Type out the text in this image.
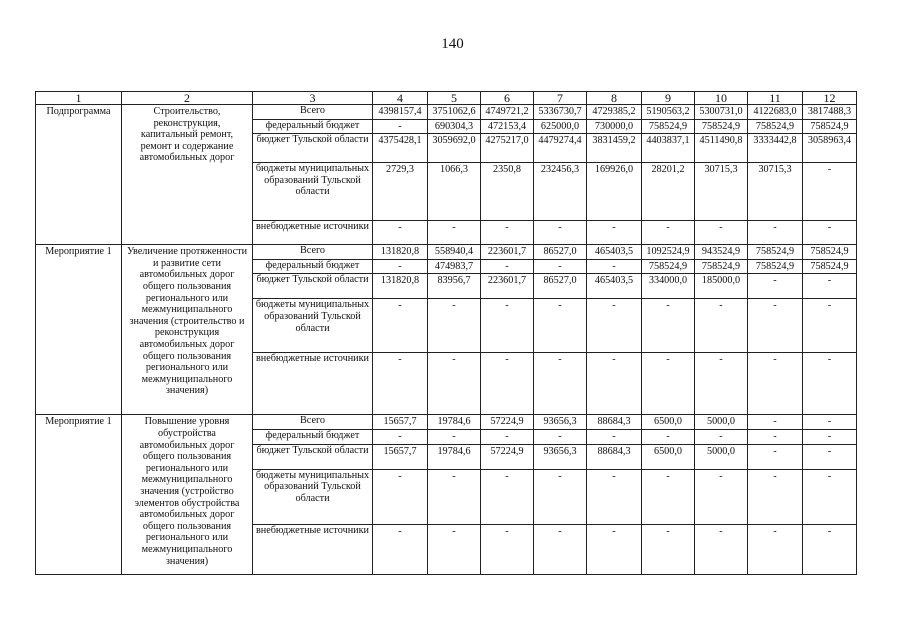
140
1	2	3	4	5	6	7	8	9	10	11	12
Подпрограмма	Строительство, реконструкция, капитальный ремонт, ремонт и содержание автомобильных дорог	Всего	4398157,4	3751062,6	4749721,2	5336730,7	4729385,2	5190563,2	5300731,0	4122683,0	3817488,3
		федеральный бюджет	-	690304,3	472153,4	625000,0	730000,0	758524,9	758524,9	758524,9	758524,9
		бюджет Тульской области	4375428,1	3059692,0	4275217,0	4479274,4	3831459,2	4403837,1	4511490,8	3333442,8	3058963,4
		бюджеты муниципальных образований Тульской области	2729,3	1066,3	2350,8	232456,3	169926,0	28201,2	30715,3	30715,3	-
		внебюджетные источники	-	-	-	-	-	-	-	-	-
Мероприятие 1	Увеличение протяженности и развитие сети автомобильных дорог общего пользования регионального или межмуниципального значения (строительство и реконструкция автомобильных дорог общего пользования регионального или межмуниципального значения)	Всего	131820,8	558940,4	223601,7	86527,0	465403,5	1092524,9	943524,9	758524,9	758524,9
		федеральный бюджет	-	474983,7	-	-	-	758524,9	758524,9	758524,9	758524,9
		бюджет Тульской области	131820,8	83956,7	223601,7	86527,0	465403,5	334000,0	185000,0	-	-
		бюджеты муниципальных образований Тульской области	-	-	-	-	-	-	-	-	-
		внебюджетные источники	-	-	-	-	-	-	-	-	-
Мероприятие 1	Повышение уровня обустройства автомобильных дорог общего пользования регионального или межмуниципального значения (устройство элементов обустройства автомобильных дорог общего пользования регионального или межмуниципального значения)	Всего	15657,7	19784,6	57224,9	93656,3	88684,3	6500,0	5000,0	-	-
		федеральный бюджет	-	-	-	-	-	-	-	-	-
		бюджет Тульской области	15657,7	19784,6	57224,9	93656,3	88684,3	6500,0	5000,0	-	-
		бюджеты муниципальных образований Тульской области	-	-	-	-	-	-	-	-	-
		внебюджетные источники	-	-	-	-	-	-	-	-	-
